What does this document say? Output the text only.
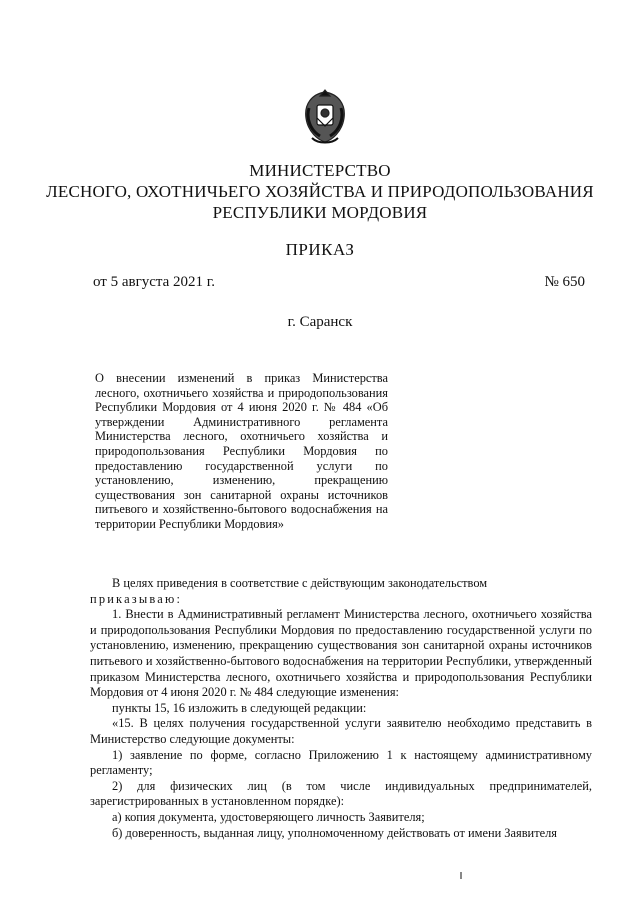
МИНИСТЕРСТВО
ЛЕСНОГО, ОХОТНИЧЬЕГО ХОЗЯЙСТВА И ПРИРОДОПОЛЬЗОВАНИЯ
РЕСПУБЛИКИ МОРДОВИЯ
ПРИКАЗ
от 5 августа 2021 г.	№ 650
г. Саранск
О внесении изменений в приказ Министерства лесного, охотничьего хозяйства и природопользования Республики Мордовия от 4 июня 2020 г. № 484 «Об утверждении Административного регламента Министерства лесного, охотничьего хозяйства и природопользования Республики Мордовия по предоставлению государственной услуги по установлению, изменению, прекращению существования зон санитарной охраны источников питьевого и хозяйственно-бытового водоснабжения на территории Республики Мордовия»

В целях приведения в соответствие с действующим законодательством

приказываю:

1. Внести в Административный регламент Министерства лесного, охотничьего хозяйства и природопользования Республики Мордовия по предоставлению государственной услуги по установлению, изменению, прекращению существования зон санитарной охраны источников питьевого и хозяйственно-бытового водоснабжения на территории Республики, утвержденный приказом Министерства лесного, охотничьего хозяйства и природопользования Республики Мордовия от 4 июня 2020 г. № 484 следующие изменения:

пункты 15, 16 изложить в следующей редакции:

«15. В целях получения государственной услуги заявителю необходимо представить в Министерство следующие документы:

1) заявление по форме, согласно Приложению 1 к настоящему административному регламенту;

2) для физических лиц (в том числе индивидуальных предпринимателей, зарегистрированных в установленном порядке):

а) копия документа, удостоверяющего личность Заявителя;

б) доверенность, выданная лицу, уполномоченному действовать от имени Заявителя
